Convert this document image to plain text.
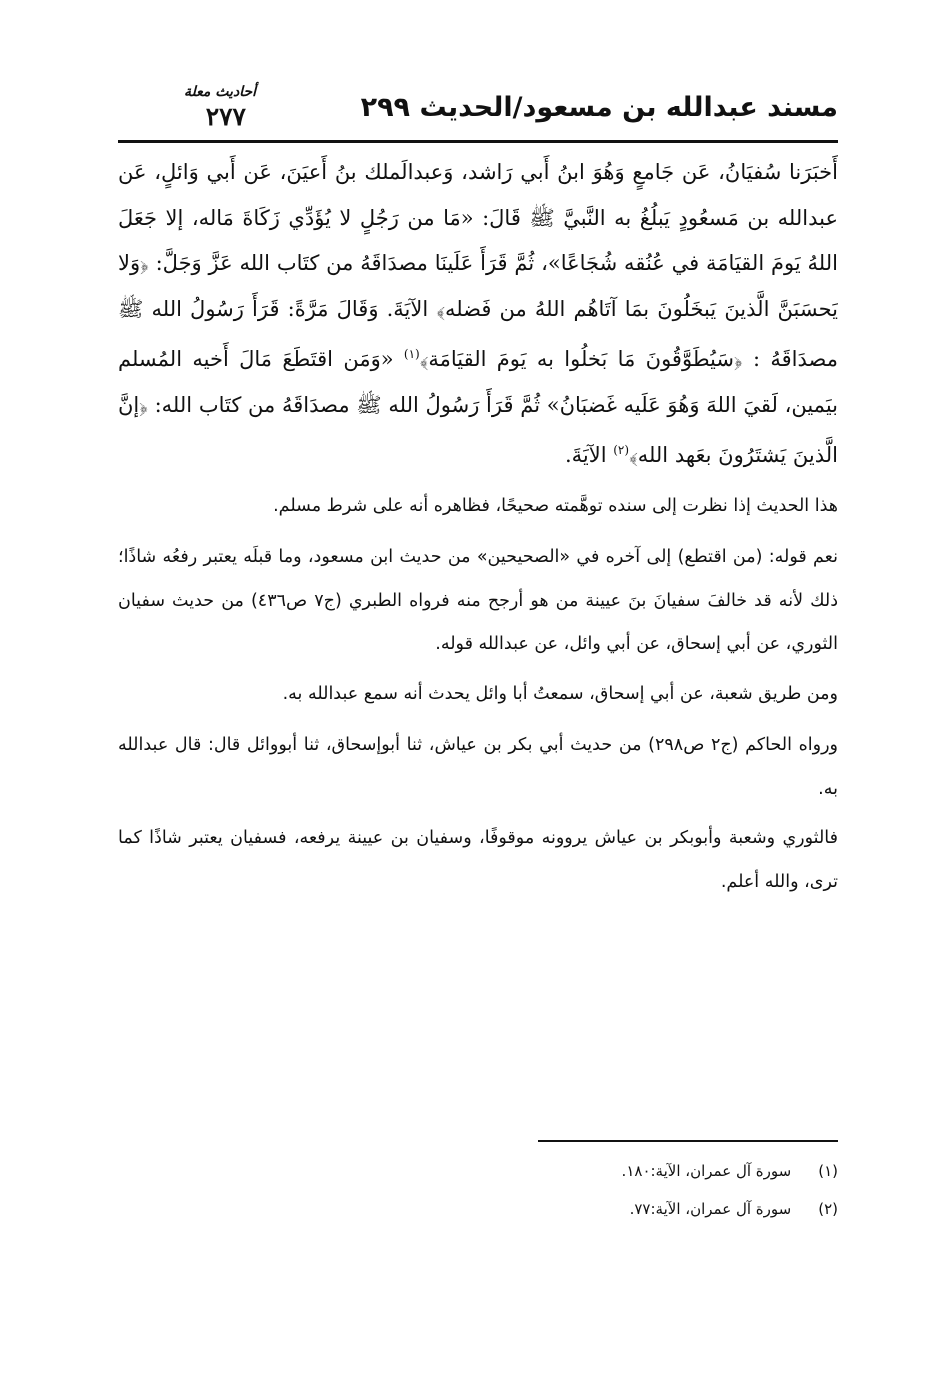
مسند عبدالله بن مسعود/الحديث ٢٩٩
أحاديث معلة
٢٧٧

أَخبَرَنا سُفيَانُ، عَن جَامعٍ وَهُوَ ابنُ أَبي رَاشد، وَعبدالَملك بنُ أَعيَنَ، عَن أَبي وَائلٍ، عَن عبدالله بن مَسعُودٍ يَبلُغُ به النَّبيَّ ﷺ قَالَ: «مَا من رَجُلٍ لا يُؤَدِّي زَكَاةَ مَاله، إلا جَعَلَ اللهُ يَومَ القيَامَة في عُنُقه شُجَاعًا»، ثُمَّ قَرَأَ عَلَينَا مصدَاقَهُ من كتَاب الله عَزَّ وَجَلَّ: ﴿وَلا يَحسَبَنَّ الَّذينَ يَبخَلُونَ بمَا آتَاهُم اللهُ من فَضله﴾ الآيَةَ. وَقَالَ مَرَّةً: قَرَأَ رَسُولُ الله ﷺ مصدَاقَهُ : ﴿سَيُطَوَّقُونَ مَا بَخلُوا به يَومَ القيَامَة﴾$^{(١)}$ «وَمَن اقتَطَعَ مَالَ أَخيه المُسلم بيَمين، لَقيَ اللهَ وَهُوَ عَلَيه غَضبَانُ» ثُمَّ قَرَأَ رَسُولُ الله ﷺ مصدَاقَهُ من كتَاب الله: ﴿إنَّ الَّذينَ يَشتَرُونَ بعَهد الله﴾$^{(٢)}$ الآيَةَ.

هذا الحديث إذا نظرت إلى سنده توهَّمته صحيحًا، فظاهره أنه على شرط مسلم.

نعم قوله: (من اقتطع) إلى آخره في «الصحيحين» من حديث ابن مسعود، وما قبلَه يعتبر رفعُه شاذًا؛ ذلك لأنه قد خالفَ سفيانَ بنَ عيينة من هو أرجح منه فرواه الطبري (ج٧ ص٤٣٦) من حديث سفيان الثوري، عن أبي إسحاق، عن أبي وائل، عن عبدالله قوله.

ومن طريق شعبة، عن أبي إسحاق، سمعتُ أبا وائل يحدث أنه سمع عبدالله به.

ورواه الحاكم (ج٢ ص٢٩٨) من حديث أبي بكر بن عياش، ثنا أبوإسحاق، ثنا أبووائل قال: قال عبدالله به.

فالثوري وشعبة وأبوبكر بن عياش يروونه موقوفًا، وسفيان بن عيينة يرفعه، فسفيان يعتبر شاذًا كما ترى، والله أعلم.

(١) سورة آل عمران، الآية:١٨٠.
(٢) سورة آل عمران، الآية:٧٧.
